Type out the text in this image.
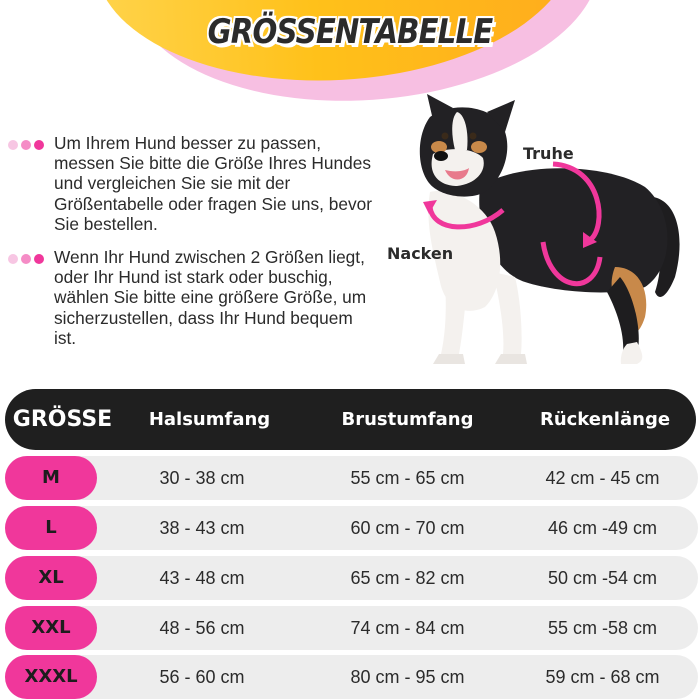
GRÖSSENTABELLE
Um Ihrem Hund besser zu passen, messen Sie bitte die Größe Ihres Hundes und vergleichen Sie sie mit der Größentabelle oder fragen Sie uns, bevor Sie bestellen.
Wenn Ihr Hund zwischen 2 Größen liegt, oder Ihr Hund ist stark oder buschig, wählen Sie bitte eine größere Größe, um sicherzustellen, dass Ihr Hund bequem ist.
Truhe
Nacken
GRÖSSE	Halsumfang	Brustumfang	Rückenlänge
M	30 - 38 cm	55 cm - 65 cm	42 cm - 45 cm
L	38 - 43 cm	60 cm - 70 cm	46 cm -49 cm
XL	43 - 48 cm	65 cm - 82 cm	50 cm -54 cm
XXL	48 - 56 cm	74 cm - 84 cm	55 cm -58 cm
XXXL	56 - 60 cm	80 cm - 95 cm	59 cm - 68 cm
